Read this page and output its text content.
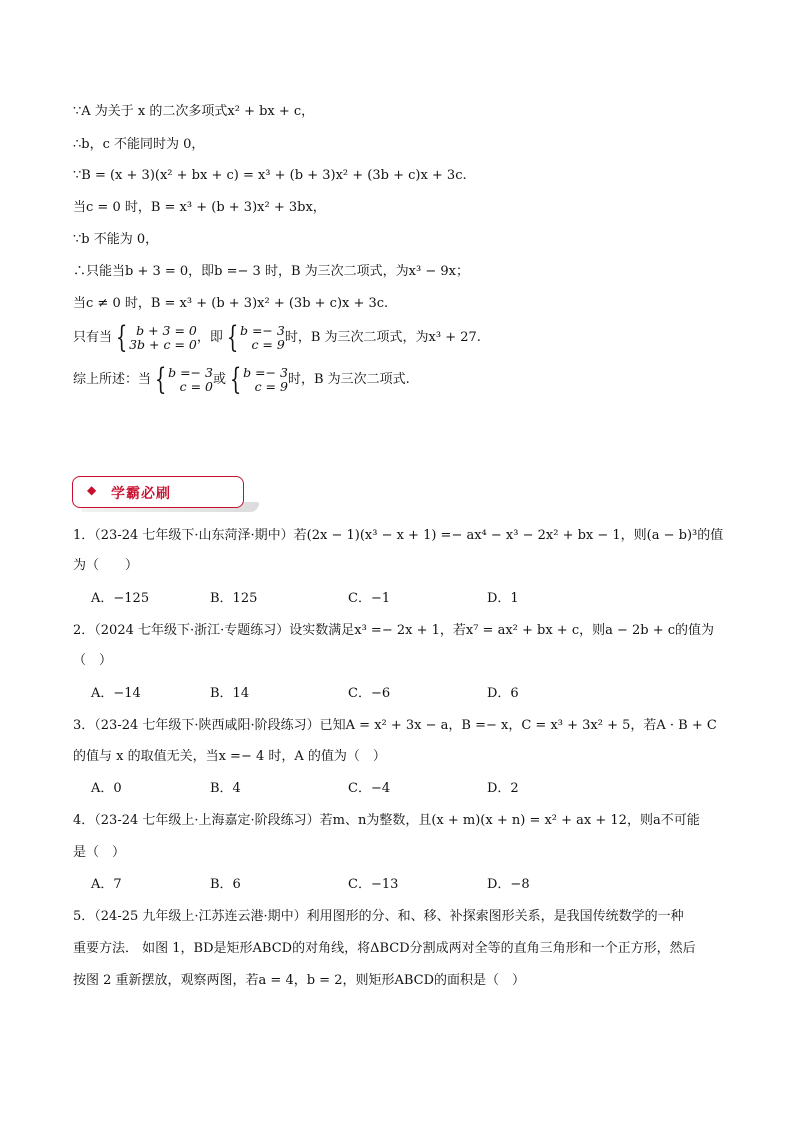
∵A 为关于 x 的二次多项式x² + bx + c，
∴b，c 不能同时为 0，
∵B = (x + 3)(x² + bx + c) = x³ + (b + 3)x² + (3b + c)x + 3c.
当c = 0 时，B = x³ + (b + 3)x² + 3bx，
∵b 不能为 0，
∴只能当b + 3 = 0，即b =− 3 时，B 为三次二项式，为x³ − 9x；
当c ≠ 0 时，B = x³ + (b + 3)x² + (3b + c)x + 3c.
只有当 { b + 3 = 0
3b + c = 0 ，即 { b =− 3
c = 9 时，B 为三次二项式，为x³ + 27.
综上所述：当 { b =− 3
c = 0 或 { b =− 3
c = 9 时，B 为三次二项式.
◆ 学霸必刷
1．（23-24 七年级下·山东菏泽·期中）若(2x − 1)(x³ − x + 1) =− ax⁴ − x³ − 2x² + bx − 1，则(a − b)³的值
为（　　）
A．−125	B．125	C．−1	D．1
2．（2024 七年级下·浙江·专题练习）设实数满足x³ =− 2x + 1，若x⁷ = ax² + bx + c，则a − 2b + c的值为
（　）
A．−14	B．14	C．−6	D．6
3．（23-24 七年级下·陕西咸阳·阶段练习）已知A = x² + 3x − a，B =− x，C = x³ + 3x² + 5，若A · B + C
的值与 x 的取值无关，当x =− 4 时，A 的值为（　）
A．0	B．4	C．−4	D．2
4．（23-24 七年级上·上海嘉定·阶段练习）若m、n为整数，且(x + m)(x + n) = x² + ax + 12，则a不可能
是（　）
A．7	B．6	C．−13	D．−8
5．（24-25 九年级上·江苏连云港·期中）利用图形的分、和、移、补探索图形关系，是我国传统数学的一种
重要方法． 如图 1，BD是矩形ABCD的对角线，将ΔBCD分割成两对全等的直角三角形和一个正方形，然后
按图 2 重新摆放，观察两图，若a = 4，b = 2，则矩形ABCD的面积是（　）
